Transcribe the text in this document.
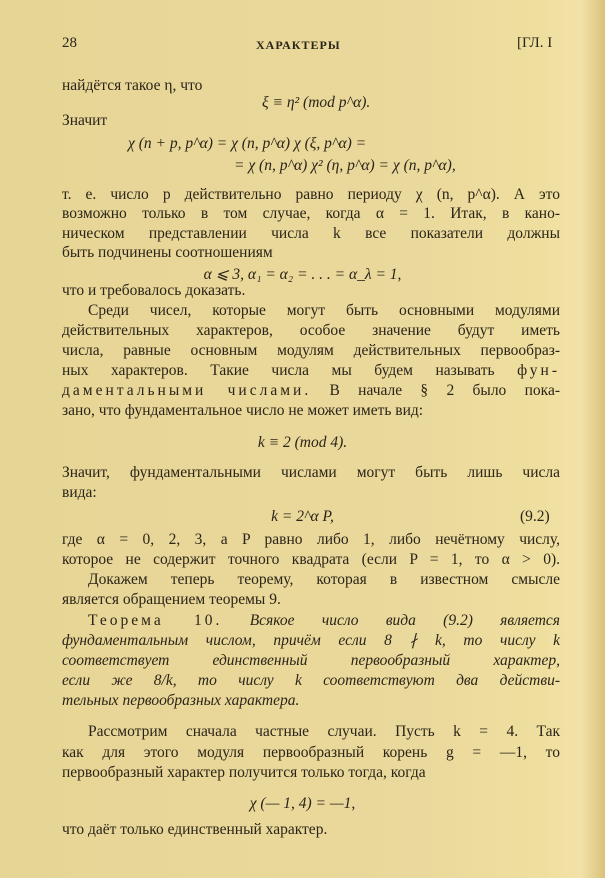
28	ХАРАКТЕРЫ	[ГЛ. I
найдётся такое η, что
ξ ≡ η² (mod p^α).
Значит
χ (n + p, p^α) = χ (n, p^α) χ (ξ, p^α) =
= χ (n, p^α) χ² (η, p^α) = χ (n, p^α),
т. е. число p действительно равно периоду χ (n, p^α). А это
возможно только в том случае, когда α = 1. Итак, в кано-
ническом представлении числа k все показатели должны
быть подчинены соотношениям
α ⩽ 3, α₁ = α₂ = . . . = α_λ = 1,
что и требовалось доказать.
Среди чисел, которые могут быть основными модулями
действительных характеров, особое значение будут иметь
числа, равные основным модулям действительных первообраз-
ных характеров. Такие числа мы будем называть фун-
даментальными числами. В начале § 2 было пока-
зано, что фундаментальное число не может иметь вид:
k ≡ 2 (mod 4).
Значит, фундаментальными числами могут быть лишь числа
вида:
k = 2^α P,	(9.2)
где α = 0, 2, 3, а P равно либо 1, либо нечётному числу,
которое не содержит точного квадрата (если P = 1, то α > 0).
Докажем теперь теорему, которая в известном смысле
является обращением теоремы 9.
Теорема 10. Всякое число вида (9.2) является
фундаментальным числом, причём если 8 ∤ k, то числу k
соответствует единственный первообразный характер,
если же 8/k, то числу k соответствуют два действи-
тельных первообразных характера.
Рассмотрим сначала частные случаи. Пусть k = 4. Так
как для этого модуля первообразный корень g = —1, то
первообразный характер получится только тогда, когда
χ (— 1, 4) = —1,
что даёт только единственный характер.
